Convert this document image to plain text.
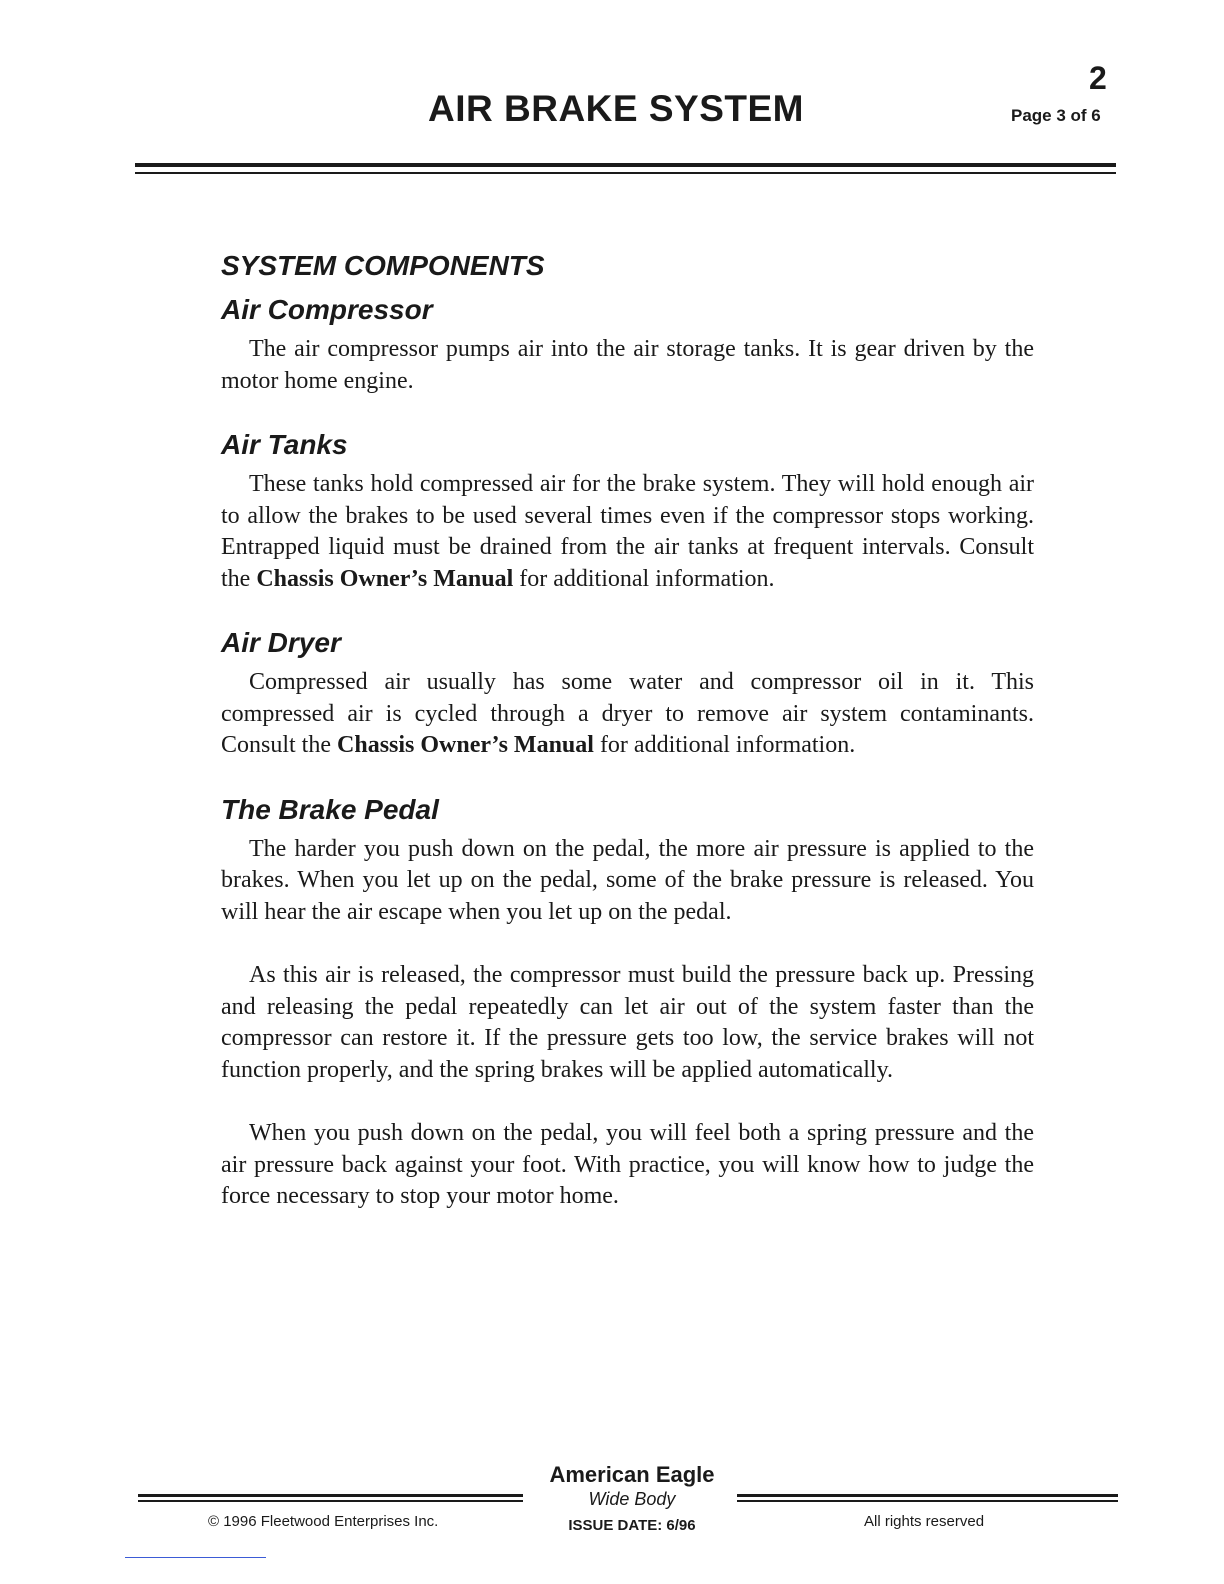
AIR BRAKE SYSTEM
2
Page 3 of 6
SYSTEM COMPONENTS
Air Compressor

The air compressor pumps air into the air storage tanks. It is gear driven by the motor home engine.

Air Tanks

These tanks hold compressed air for the brake system. They will hold enough air to allow the brakes to be used several times even if the compressor stops working. Entrapped liquid must be drained from the air tanks at frequent intervals. Consult the Chassis Owner’s Manual for additional information.

Air Dryer

Compressed air usually has some water and compressor oil in it. This compressed air is cycled through a dryer to remove air system contaminants. Consult the Chassis Owner’s Manual for additional information.

The Brake Pedal

The harder you push down on the pedal, the more air pressure is applied to the brakes. When you let up on the pedal, some of the brake pressure is released. You will hear the air escape when you let up on the pedal.

As this air is released, the compressor must build the pressure back up. Pressing and releasing the pedal repeatedly can let air out of the system faster than the compressor can restore it. If the pressure gets too low, the service brakes will not function properly, and the spring brakes will be applied automatically.

When you push down on the pedal, you will feel both a spring pressure and the air pressure back against your foot. With practice, you will know how to judge the force necessary to stop your motor home.

American Eagle
Wide Body
© 1996 Fleetwood Enterprises Inc.	ISSUE DATE: 6/96	All rights reserved
